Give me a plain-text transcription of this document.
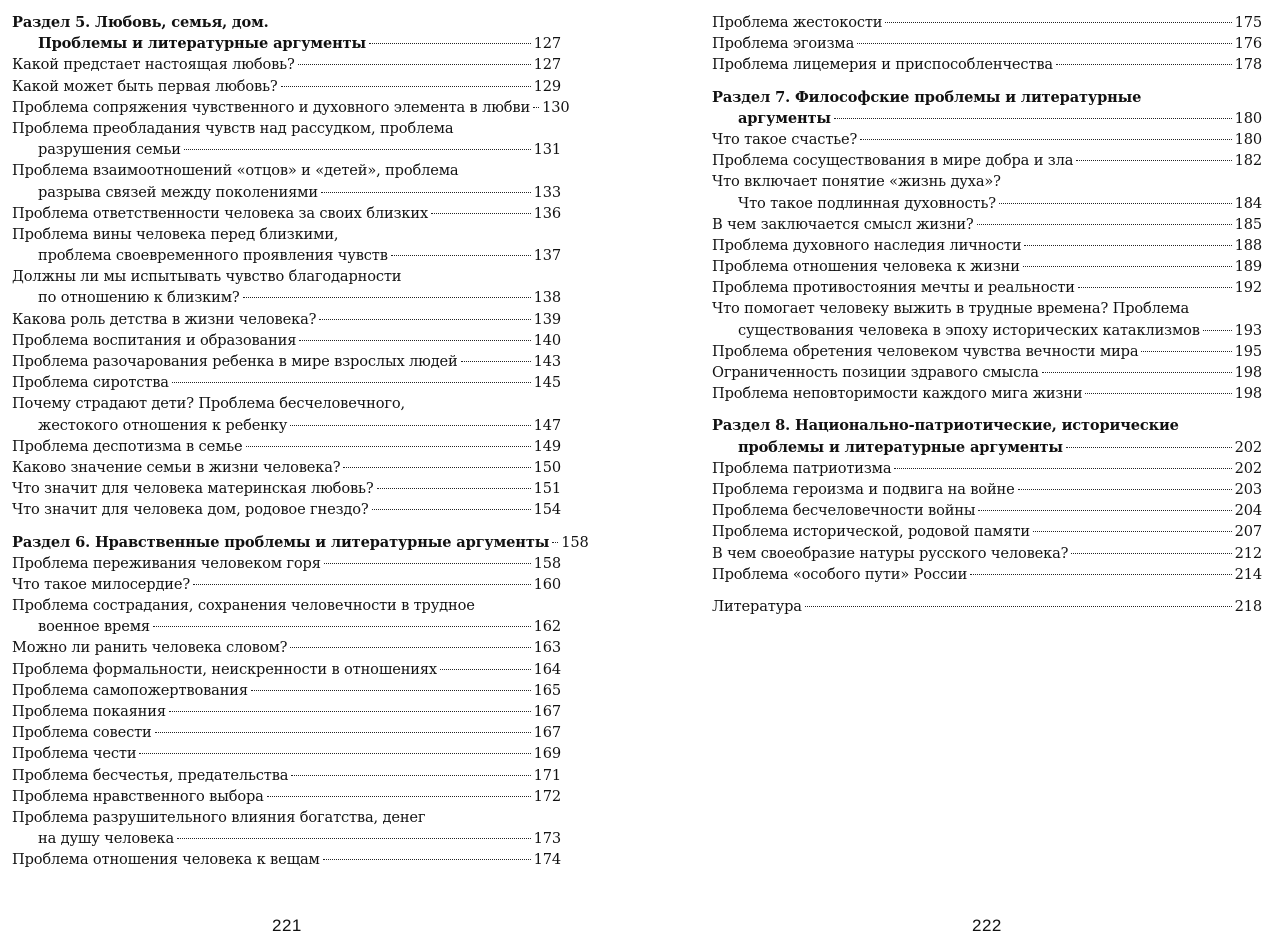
Раздел 5. Любовь, семья, дом.
Проблемы и литературные аргументы	127
Какой предстает настоящая любовь?	127
Какой может быть первая любовь?	129
Проблема сопряжения чувственного и духовного элемента в любви 130
Проблема преобладания чувств над рассудком, проблема
разрушения семьи	131
Проблема взаимоотношений «отцов» и «детей», проблема
разрыва связей между поколениями	133
Проблема ответственности человека за своих близких	136
Проблема вины человека перед близкими,
проблема своевременного проявления чувств	137
Должны ли мы испытывать чувство благодарности
по отношению к близким?	138
Какова роль детства в жизни человека?	139
Проблема воспитания и образования	140
Проблема разочарования ребенка в мире взрослых людей	143
Проблема сиротства	145
Почему страдают дети? Проблема бесчеловечного,
жестокого отношения к ребенку	147
Проблема деспотизма в семье	149
Каково значение семьи в жизни человека?	150
Что значит для человека материнская любовь?	151
Что значит для человека дом, родовое гнездо?	154
Раздел 6. Нравственные проблемы и литературные аргументы 158
Проблема переживания человеком горя	158
Что такое милосердие?	160
Проблема сострадания, сохранения человечности в трудное
военное время	162
Можно ли ранить человека словом?	163
Проблема формальности, неискренности в отношениях	164
Проблема самопожертвования	165
Проблема покаяния	167
Проблема совести	167
Проблема чести	169
Проблема бесчестья, предательства	171
Проблема нравственного выбора	172
Проблема разрушительного влияния богатства, денег
на душу человека	173
Проблема отношения человека к вещам	174
221
Проблема жестокости	175
Проблема эгоизма	176
Проблема лицемерия и приспособленчества	178
Раздел 7. Философские проблемы и литературные
аргументы	180
Что такое счастье?	180
Проблема сосуществования в мире добра и зла	182
Что включает понятие «жизнь духа»?
Что такое подлинная духовность?	184
В чем заключается смысл жизни?	185
Проблема духовного наследия личности	188
Проблема отношения человека к жизни	189
Проблема противостояния мечты и реальности	192
Что помогает человеку выжить в трудные времена? Проблема
существования человека в эпоху исторических катаклизмов 193
Проблема обретения человеком чувства вечности мира	195
Ограниченность позиции здравого смысла	198
Проблема неповторимости каждого мига жизни	198
Раздел 8. Национально-патриотические, исторические
проблемы и литературные аргументы	202
Проблема патриотизма	202
Проблема героизма и подвига на войне	203
Проблема бесчеловечности войны	204
Проблема исторической, родовой памяти	207
В чем своеобразие натуры русского человека?	212
Проблема «особого пути» России	214
Литература	218
222
